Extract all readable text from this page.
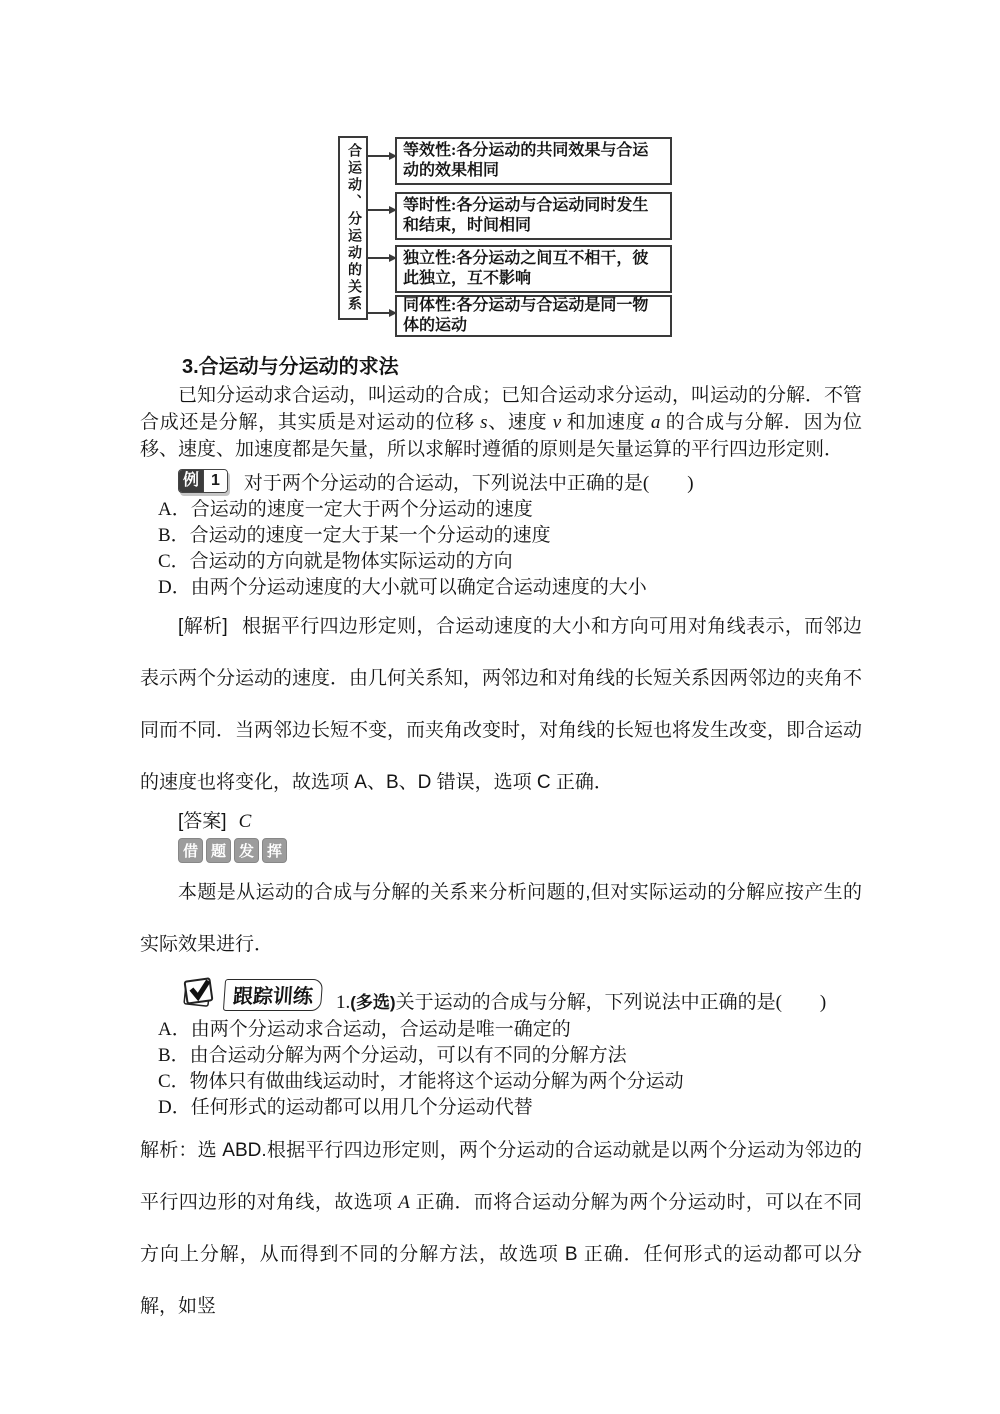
合运动、分运动的关系	等效性:各分运动的共同效果与合运动的效果相同
等时性:各分运动与合运动同时发生和结束，时间相同
独立性:各分运动之间互不相干，彼此独立，互不影响
同体性:各分运动与合运动是同一物体的运动
3.合运动与分运动的求法

已知分运动求合运动，叫运动的合成；已知合运动求分运动，叫运动的分解．不管合成还是分解，其实质是对运动的位移 s、速度 v 和加速度 a 的合成与分解．因为位移、速度、加速度都是矢量，所以求解时遵循的原则是矢量运算的平行四边形定则．

例 1	对于两个分运动的合运动，下列说法中正确的是(　　)
A．合运动的速度一定大于两个分运动的速度
B．合运动的速度一定大于某一个分运动的速度
C．合运动的方向就是物体实际运动的方向
D．由两个分运动速度的大小就可以确定合运动速度的大小

[解析] 根据平行四边形定则，合运动速度的大小和方向可用对角线表示，而邻边表示两个分运动的速度．由几何关系知，两邻边和对角线的长短关系因两邻边的夹角不同而不同．当两邻边长短不变，而夹角改变时，对角线的长短也将发生改变，即合运动的速度也将变化，故选项 A、B、D 错误，选项 C 正确．

[答案] C

借 题 发 挥

本题是从运动的合成与分解的关系来分析问题的,但对实际运动的分解应按产生的实际效果进行．

跟踪训练	1.(多选)关于运动的合成与分解，下列说法中正确的是(　　)
A．由两个分运动求合运动，合运动是唯一确定的
B．由合运动分解为两个分运动，可以有不同的分解方法
C．物体只有做曲线运动时，才能将这个运动分解为两个分运动
D．任何形式的运动都可以用几个分运动代替

解析：选 ABD.根据平行四边形定则，两个分运动的合运动就是以两个分运动为邻边的平行四边形的对角线，故选项 A 正确．而将合运动分解为两个分运动时，可以在不同方向上分解，从而得到不同的分解方法，故选项 B 正确．任何形式的运动都可以分解，如竖
